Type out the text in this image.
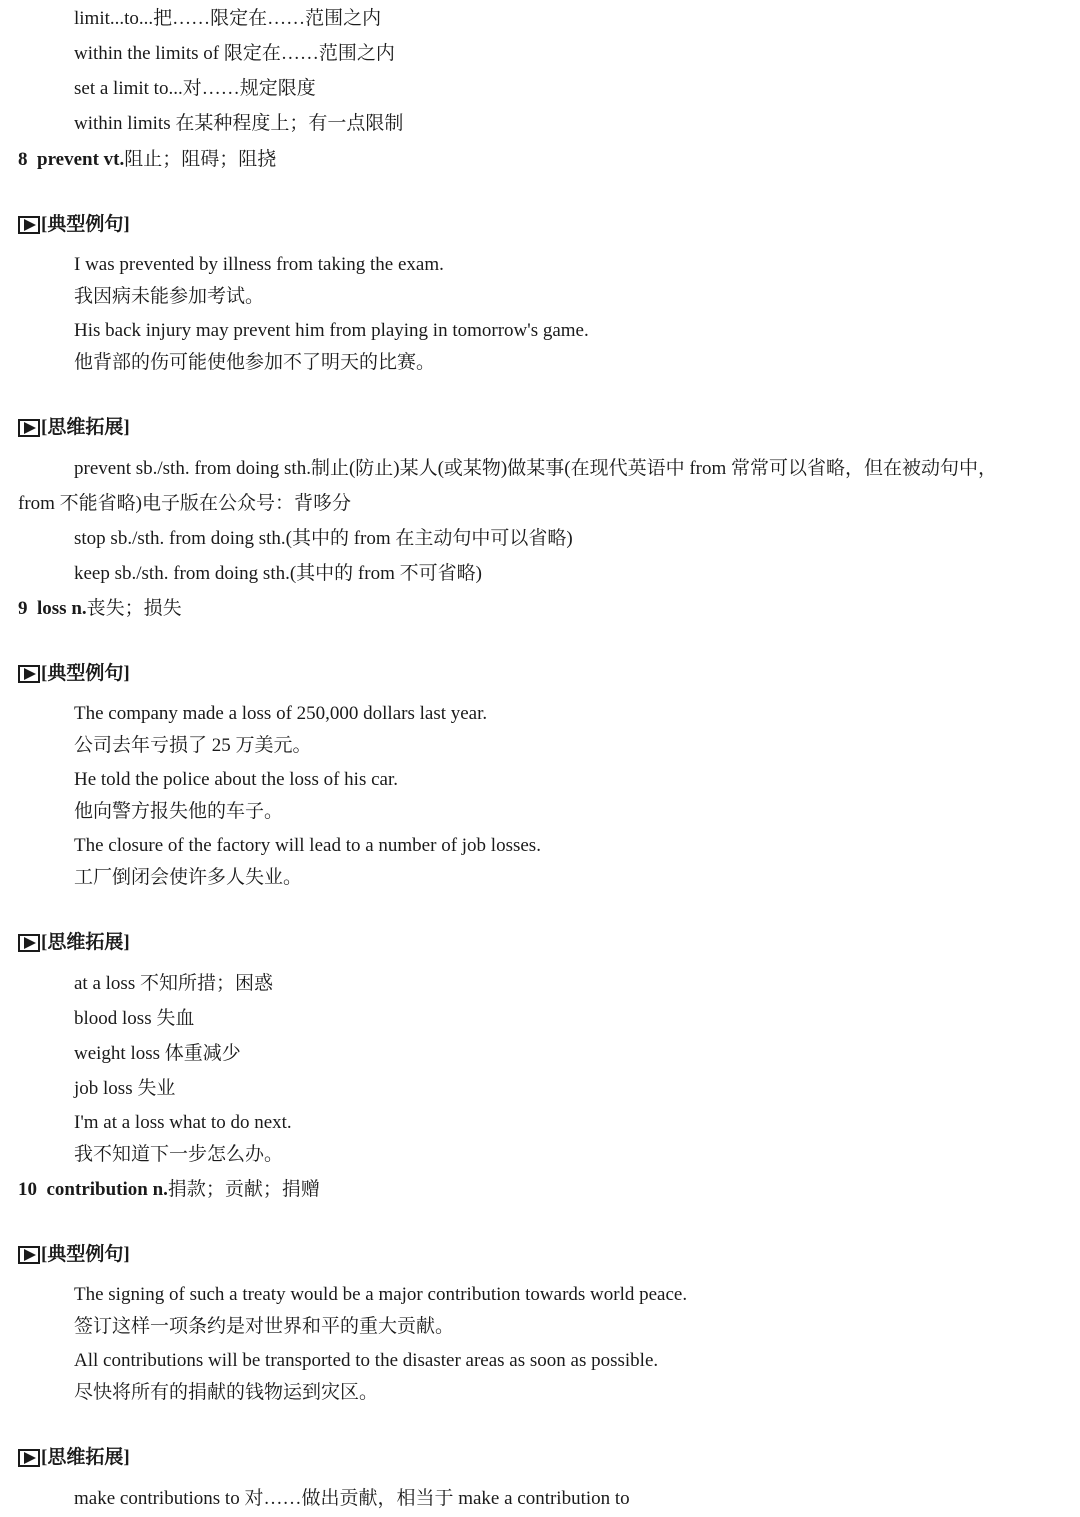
limit...to...把……限定在……范围之内
within the limits of 限定在……范围之内
set a limit to...对……规定限度
within limits 在某种程度上；有一点限制
8 prevent vt.阻止；阻碍；阻挠
[典型例句]
I was prevented by illness from taking the exam.
我因病未能参加考试。
His back injury may prevent him from playing in tomorrow's game.
他背部的伤可能使他参加不了明天的比赛。
[思维拓展]
prevent sb./sth. from doing sth.制止(防止)某人(或某物)做某事(在现代英语中 from 常常可以省略，但在被动句中，
from 不能省略)电子版在公众号：背哆分
stop sb./sth. from doing sth.(其中的 from 在主动句中可以省略)
keep sb./sth. from doing sth.(其中的 from 不可省略)
9 loss n.丧失；损失
[典型例句]
The company made a loss of 250,000 dollars last year.
公司去年亏损了 25 万美元。
He told the police about the loss of his car.
他向警方报失他的车子。
The closure of the factory will lead to a number of job losses.
工厂倒闭会使许多人失业。
[思维拓展]
at a loss 不知所措；困惑
blood loss 失血
weight loss 体重减少
job loss 失业
I'm at a loss what to do next.
我不知道下一步怎么办。
10 contribution n.捐款；贡献；捐赠
[典型例句]
The signing of such a treaty would be a major contribution towards world peace.
签订这样一项条约是对世界和平的重大贡献。
All contributions will be transported to the disaster areas as soon as possible.
尽快将所有的捐献的钱物运到灾区。
[思维拓展]
make contributions to 对……做出贡献，相当于 make a contribution to
